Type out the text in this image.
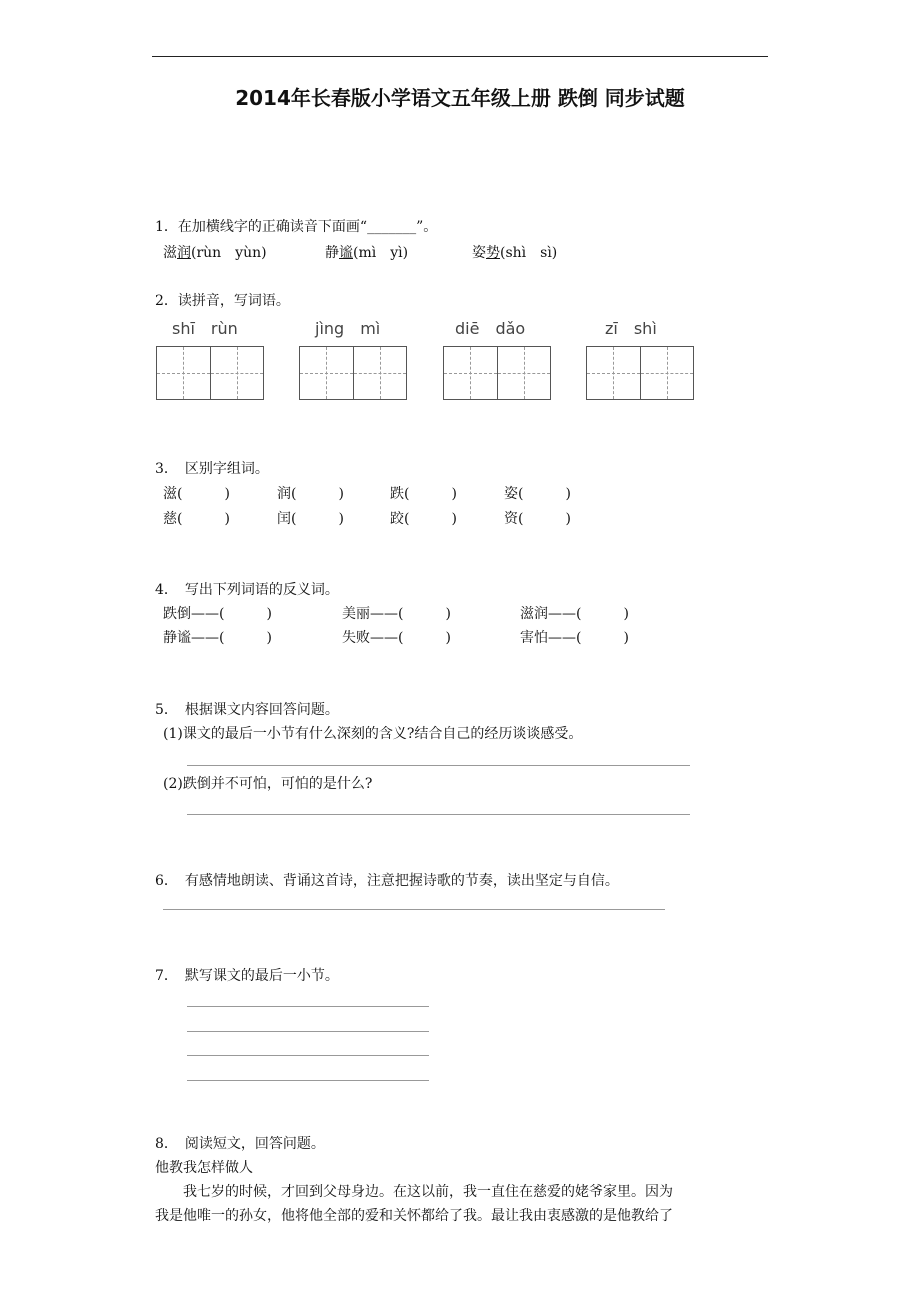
2014年长春版小学语文五年级上册 跌倒 同步试题
1．在加横线字的正确读音下面画“_______”。
滋润(rùn　yùn)	静谧(mì　yì)	姿势(shì　sì)
2．读拼音，写词语。
shī　rùn	jìng　mì	diē　dǎo	zī　shì
3．　区别字组词。
滋(　　　)	润(　　　)	跌(　　　)	姿(　　　)
慈(　　　)	闰(　　　)	跤(　　　)	资(　　　)
4．　写出下列词语的反义词。
跌倒——(　　　)	美丽——(　　　)	滋润——(　　　)
静谧——(　　　)	失败——(　　　)	害怕——(　　　)
5．　根据课文内容回答问题。
(1)课文的最后一小节有什么深刻的含义?结合自己的经历谈谈感受。
(2)跌倒并不可怕，可怕的是什么?
6．　有感情地朗读、背诵这首诗，注意把握诗歌的节奏，读出坚定与自信。
7．　默写课文的最后一小节。
8．　阅读短文，回答问题。
他教我怎样做人
　　我七岁的时候，才回到父母身边。在这以前，我一直住在慈爱的姥爷家里。因为
我是他唯一的孙女，他将他全部的爱和关怀都给了我。最让我由衷感激的是他教给了
